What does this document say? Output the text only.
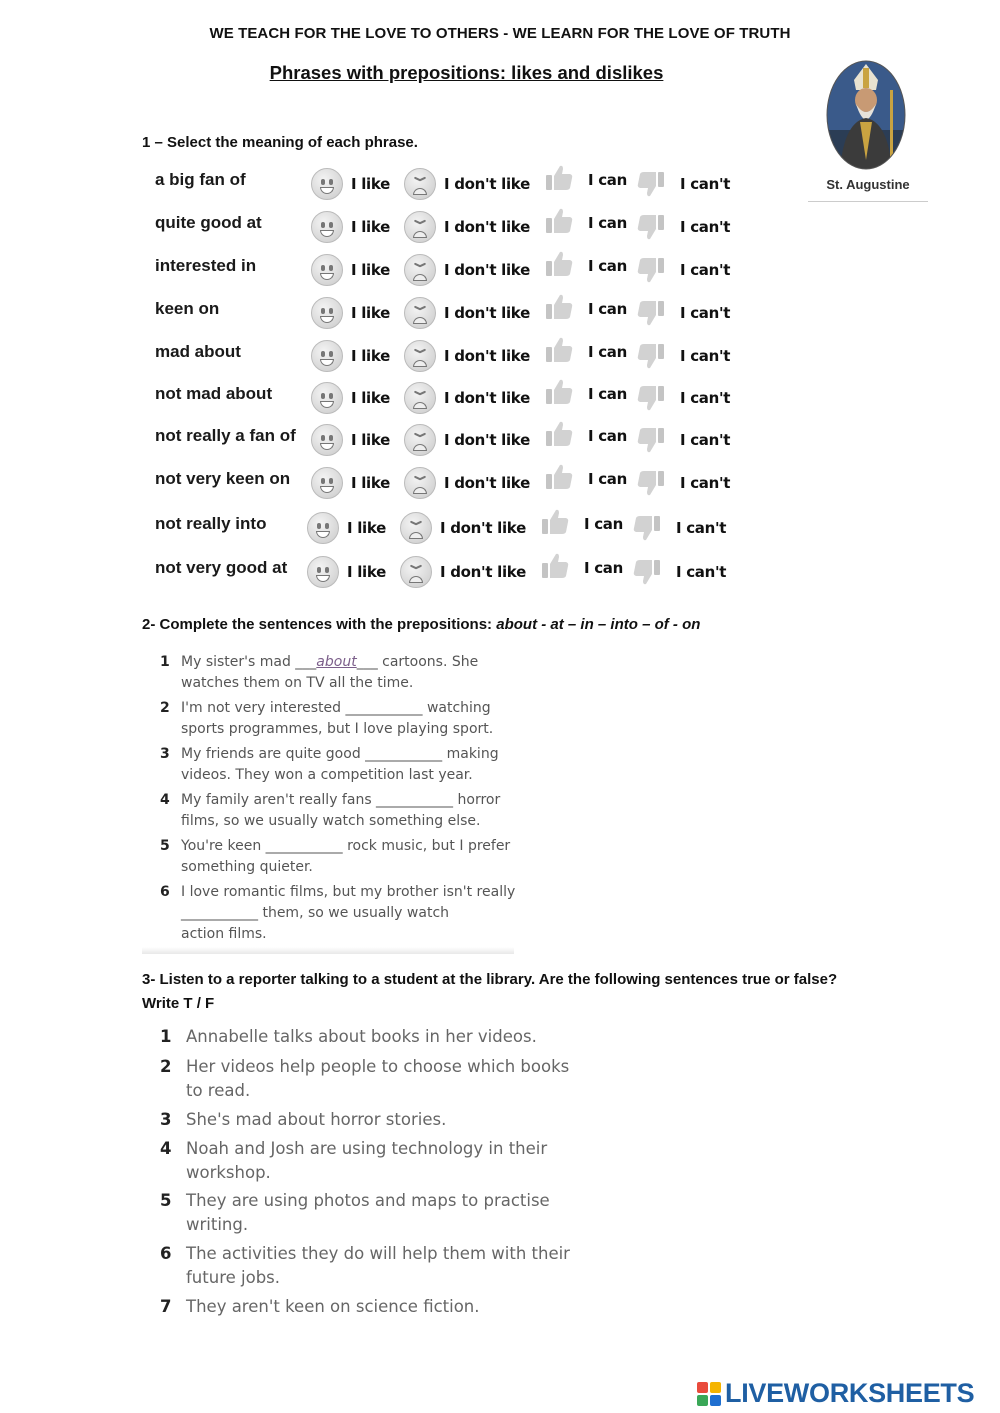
WE TEACH FOR THE LOVE TO OTHERS - WE LEARN FOR THE LOVE OF TRUTH
Phrases with prepositions: likes and dislikes
St. Augustine
1 – Select the meaning of each phrase.
a big fan of	I like	I don't like	I can	I can't
quite good at	I like	I don't like	I can	I can't
interested in	I like	I don't like	I can	I can't
keen on	I like	I don't like	I can	I can't
mad about	I like	I don't like	I can	I can't
not mad about	I like	I don't like	I can	I can't
not really a fan of	I like	I don't like	I can	I can't
not very keen on	I like	I don't like	I can	I can't
not really into	I like	I don't like	I can	I can't
not very good at	I like	I don't like	I can	I can't
2- Complete the sentences with the prepositions: about - at – in – into – of - on
1 My sister's mad ___about___ cartoons. She
watches them on TV all the time.
2 I'm not very interested ___________ watching
sports programmes, but I love playing sport.
3 My friends are quite good ___________ making
videos. They won a competition last year.
4 My family aren't really fans ___________ horror
films, so we usually watch something else.
5 You're keen ___________ rock music, but I prefer
something quieter.
6 I love romantic films, but my brother isn't really
___________ them, so we usually watch
action films.
3- Listen to a reporter talking to a student at the library. Are the following sentences true or false? Write T / F
1 Annabelle talks about books in her videos.
2 Her videos help people to choose which books
to read.
3 She's mad about horror stories.
4 Noah and Josh are using technology in their
workshop.
5 They are using photos and maps to practise
writing.
6 The activities they do will help them with their
future jobs.
7 They aren't keen on science fiction.
LIVEWORKSHEETS
